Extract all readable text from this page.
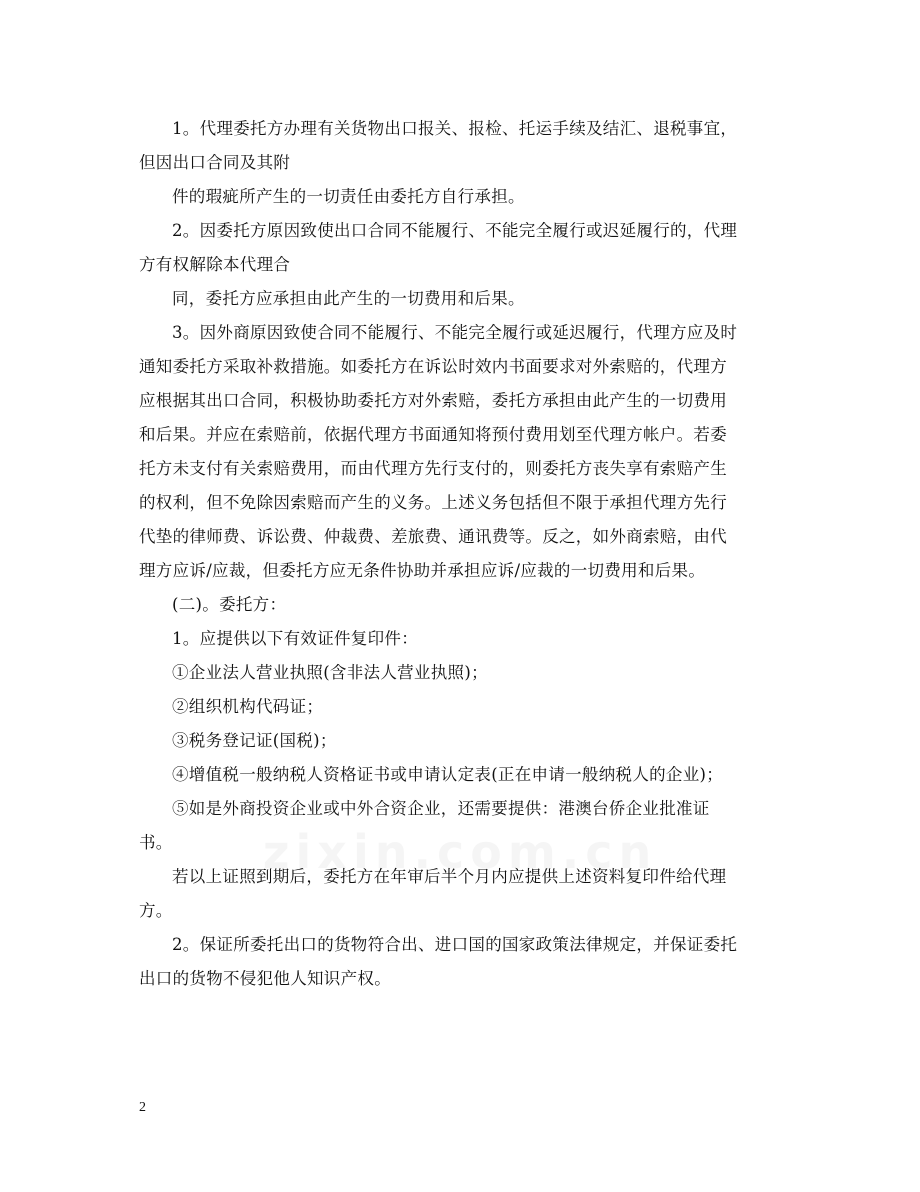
1。代理委托方办理有关货物出口报关、报检、托运手续及结汇、退税事宜，
但因出口合同及其附
件的瑕疵所产生的一切责任由委托方自行承担。
2。因委托方原因致使出口合同不能履行、不能完全履行或迟延履行的，代理
方有权解除本代理合
同，委托方应承担由此产生的一切费用和后果。
3。因外商原因致使合同不能履行、不能完全履行或延迟履行，代理方应及时
通知委托方采取补救措施。如委托方在诉讼时效内书面要求对外索赔的，代理方
应根据其出口合同，积极协助委托方对外索赔，委托方承担由此产生的一切费用
和后果。并应在索赔前，依据代理方书面通知将预付费用划至代理方帐户。若委
托方未支付有关索赔费用，而由代理方先行支付的，则委托方丧失享有索赔产生
的权利，但不免除因索赔而产生的义务。上述义务包括但不限于承担代理方先行
代垫的律师费、诉讼费、仲裁费、差旅费、通讯费等。反之，如外商索赔，由代
理方应诉/应裁，但委托方应无条件协助并承担应诉/应裁的一切费用和后果。
(二)。委托方：
1。应提供以下有效证件复印件：
①企业法人营业执照(含非法人营业执照)；
②组织机构代码证；
③税务登记证(国税)；
④增值税一般纳税人资格证书或申请认定表(正在申请一般纳税人的企业)；
⑤如是外商投资企业或中外合资企业，还需要提供：港澳台侨企业批准证
书。
若以上证照到期后，委托方在年审后半个月内应提供上述资料复印件给代理
方。
2。保证所委托出口的货物符合出、进口国的国家政策法律规定，并保证委托
出口的货物不侵犯他人知识产权。
2
